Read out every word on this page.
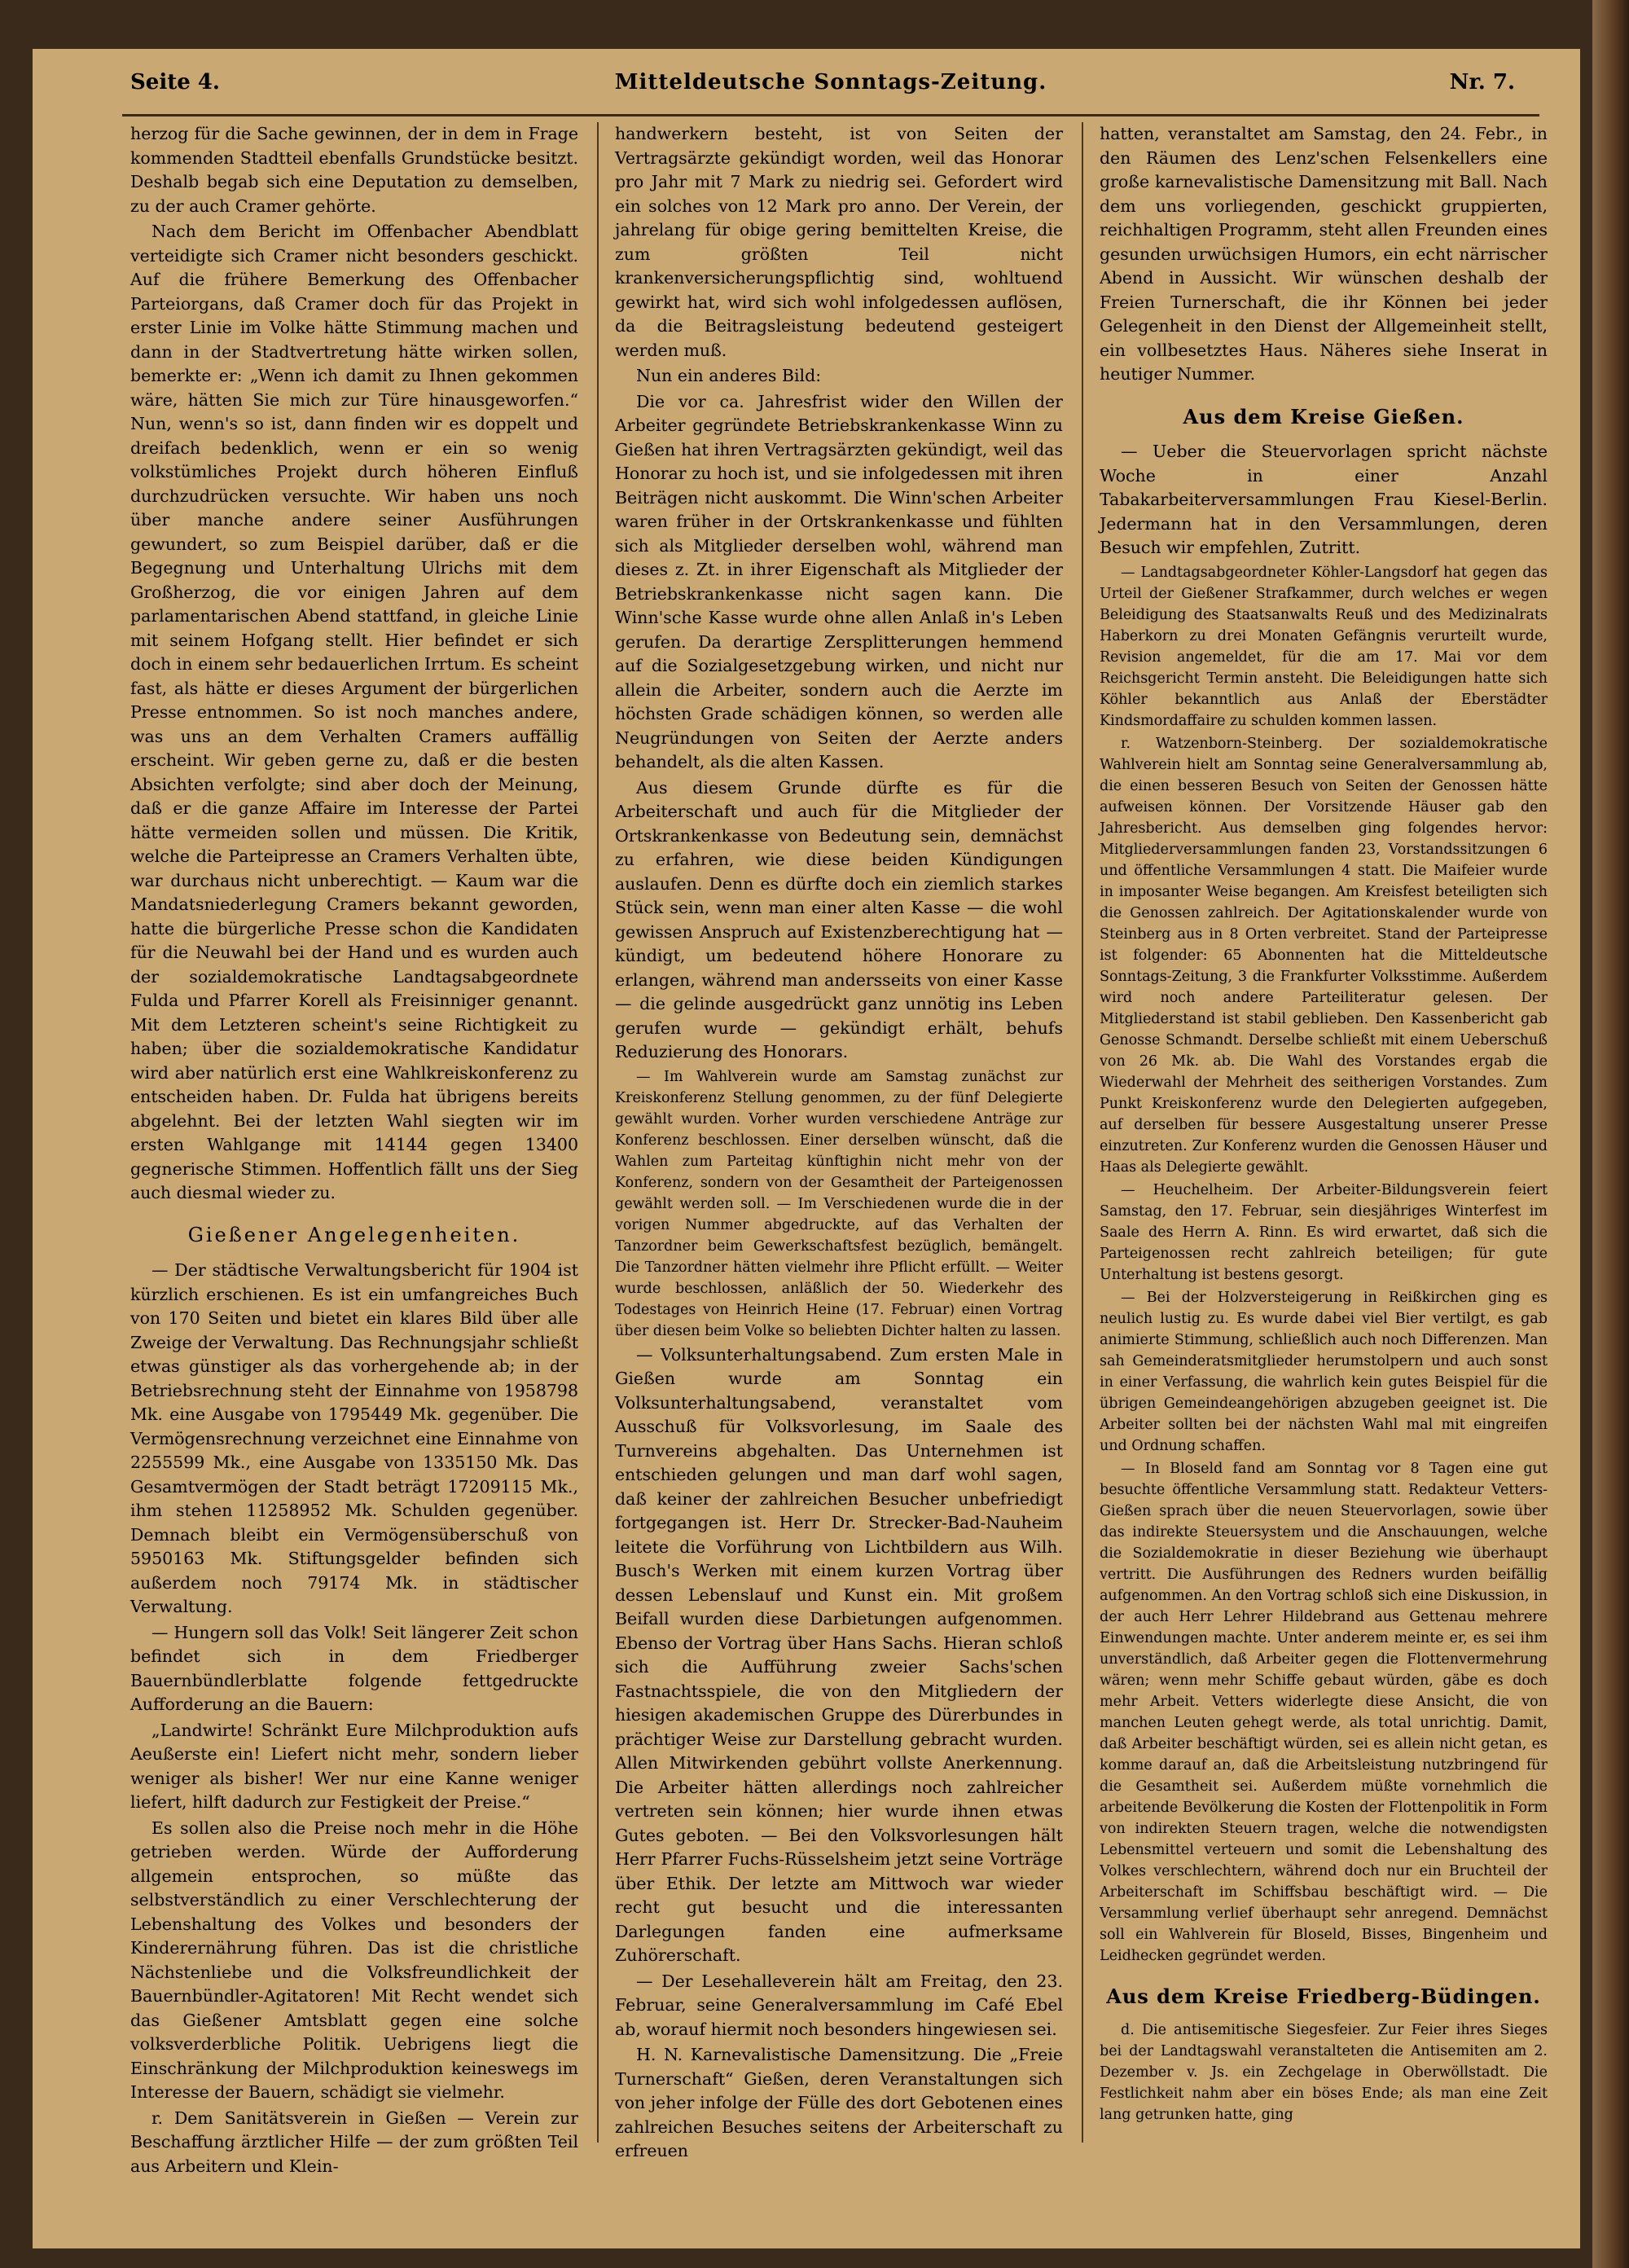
Seite 4.	Mitteldeutsche Sonntags-Zeitung.	Nr. 7.

herzog für die Sache gewinnen, der in dem in Frage kommenden Stadtteil ebenfalls Grundstücke besitzt. Deshalb begab sich eine Deputation zu demselben, zu der auch Cramer gehörte.

Nach dem Bericht im Offenbacher Abendblatt verteidigte sich Cramer nicht besonders geschickt. Auf die frühere Bemerkung des Offenbacher Parteiorgans, daß Cramer doch für das Projekt in erster Linie im Volke hätte Stimmung machen und dann in der Stadtvertretung hätte wirken sollen, bemerkte er: „Wenn ich damit zu Ihnen gekommen wäre, hätten Sie mich zur Türe hinausgeworfen.“ Nun, wenn's so ist, dann finden wir es doppelt und dreifach bedenklich, wenn er ein so wenig volkstümliches Projekt durch höheren Einfluß durchzudrücken versuchte. Wir haben uns noch über manche andere seiner Ausführungen gewundert, so zum Beispiel darüber, daß er die Begegnung und Unterhaltung Ulrichs mit dem Großherzog, die vor einigen Jahren auf dem parlamentarischen Abend stattfand, in gleiche Linie mit seinem Hofgang stellt. Hier befindet er sich doch in einem sehr bedauerlichen Irrtum. Es scheint fast, als hätte er dieses Argument der bürgerlichen Presse entnommen. So ist noch manches andere, was uns an dem Verhalten Cramers auffällig erscheint. Wir geben gerne zu, daß er die besten Absichten verfolgte; sind aber doch der Meinung, daß er die ganze Affaire im Interesse der Partei hätte vermeiden sollen und müssen. Die Kritik, welche die Parteipresse an Cramers Verhalten übte, war durchaus nicht unberechtigt. — Kaum war die Mandatsniederlegung Cramers bekannt geworden, hatte die bürgerliche Presse schon die Kandidaten für die Neuwahl bei der Hand und es wurden auch der sozialdemokratische Landtagsabgeordnete Fulda und Pfarrer Korell als Freisinniger genannt. Mit dem Letzteren scheint's seine Richtigkeit zu haben; über die sozialdemokratische Kandidatur wird aber natürlich erst eine Wahlkreiskonferenz zu entscheiden haben. Dr. Fulda hat übrigens bereits abgelehnt. Bei der letzten Wahl siegten wir im ersten Wahlgange mit 14144 gegen 13400 gegnerische Stimmen. Hoffentlich fällt uns der Sieg auch diesmal wieder zu.

Gießener Angelegenheiten.

— Der städtische Verwaltungsbericht für 1904 ist kürzlich erschienen. Es ist ein umfangreiches Buch von 170 Seiten und bietet ein klares Bild über alle Zweige der Verwaltung. Das Rechnungsjahr schließt etwas günstiger als das vorhergehende ab; in der Betriebsrechnung steht der Einnahme von 1958798 Mk. eine Ausgabe von 1795449 Mk. gegenüber. Die Vermögensrechnung verzeichnet eine Einnahme von 2255599 Mk., eine Ausgabe von 1335150 Mk. Das Gesamtvermögen der Stadt beträgt 17209115 Mk., ihm stehen 11258952 Mk. Schulden gegenüber. Demnach bleibt ein Vermögensüberschuß von 5950163 Mk. Stiftungsgelder befinden sich außerdem noch 79174 Mk. in städtischer Verwaltung.

— Hungern soll das Volk! Seit längerer Zeit schon befindet sich in dem Friedberger Bauernbündlerblatte folgende fettgedruckte Aufforderung an die Bauern:

„Landwirte! Schränkt Eure Milchproduktion aufs Aeußerste ein! Liefert nicht mehr, sondern lieber weniger als bisher! Wer nur eine Kanne weniger liefert, hilft dadurch zur Festigkeit der Preise.“

Es sollen also die Preise noch mehr in die Höhe getrieben werden. Würde der Aufforderung allgemein entsprochen, so müßte das selbstverständlich zu einer Verschlechterung der Lebenshaltung des Volkes und besonders der Kinderernährung führen. Das ist die christliche Nächstenliebe und die Volksfreundlichkeit der Bauernbündler-Agitatoren! Mit Recht wendet sich das Gießener Amtsblatt gegen eine solche volksverderbliche Politik. Uebrigens liegt die Einschränkung der Milchproduktion keineswegs im Interesse der Bauern, schädigt sie vielmehr.

r. Dem Sanitätsverein in Gießen — Verein zur Beschaffung ärztlicher Hilfe — der zum größten Teil aus Arbeitern und Klein-

handwerkern besteht, ist von Seiten der Vertragsärzte gekündigt worden, weil das Honorar pro Jahr mit 7 Mark zu niedrig sei. Gefordert wird ein solches von 12 Mark pro anno. Der Verein, der jahrelang für obige gering bemittelten Kreise, die zum größten Teil nicht krankenversicherungspflichtig sind, wohltuend gewirkt hat, wird sich wohl infolgedessen auflösen, da die Beitragsleistung bedeutend gesteigert werden muß.

Nun ein anderes Bild:

Die vor ca. Jahresfrist wider den Willen der Arbeiter gegründete Betriebskrankenkasse Winn zu Gießen hat ihren Vertragsärzten gekündigt, weil das Honorar zu hoch ist, und sie infolgedessen mit ihren Beiträgen nicht auskommt. Die Winn'schen Arbeiter waren früher in der Ortskrankenkasse und fühlten sich als Mitglieder derselben wohl, während man dieses z. Zt. in ihrer Eigenschaft als Mitglieder der Betriebskrankenkasse nicht sagen kann. Die Winn'sche Kasse wurde ohne allen Anlaß in's Leben gerufen. Da derartige Zersplitterungen hemmend auf die Sozialgesetzgebung wirken, und nicht nur allein die Arbeiter, sondern auch die Aerzte im höchsten Grade schädigen können, so werden alle Neugründungen von Seiten der Aerzte anders behandelt, als die alten Kassen.

Aus diesem Grunde dürfte es für die Arbeiterschaft und auch für die Mitglieder der Ortskrankenkasse von Bedeutung sein, demnächst zu erfahren, wie diese beiden Kündigungen auslaufen. Denn es dürfte doch ein ziemlich starkes Stück sein, wenn man einer alten Kasse — die wohl gewissen Anspruch auf Existenzberechtigung hat — kündigt, um bedeutend höhere Honorare zu erlangen, während man andersseits von einer Kasse — die gelinde ausgedrückt ganz unnötig ins Leben gerufen wurde — gekündigt erhält, behufs Reduzierung des Honorars.

— Im Wahlverein wurde am Samstag zunächst zur Kreiskonferenz Stellung genommen, zu der fünf Delegierte gewählt wurden. Vorher wurden verschiedene Anträge zur Konferenz beschlossen. Einer derselben wünscht, daß die Wahlen zum Parteitag künftighin nicht mehr von der Konferenz, sondern von der Gesamtheit der Parteigenossen gewählt werden soll. — Im Verschiedenen wurde die in der vorigen Nummer abgedruckte, auf das Verhalten der Tanzordner beim Gewerkschaftsfest bezüglich, bemängelt. Die Tanzordner hätten vielmehr ihre Pflicht erfüllt. — Weiter wurde beschlossen, anläßlich der 50. Wiederkehr des Todestages von Heinrich Heine (17. Februar) einen Vortrag über diesen beim Volke so beliebten Dichter halten zu lassen.

— Volksunterhaltungsabend. Zum ersten Male in Gießen wurde am Sonntag ein Volksunterhaltungsabend, veranstaltet vom Ausschuß für Volksvorlesung, im Saale des Turnvereins abgehalten. Das Unternehmen ist entschieden gelungen und man darf wohl sagen, daß keiner der zahlreichen Besucher unbefriedigt fortgegangen ist. Herr Dr. Strecker-Bad-Nauheim leitete die Vorführung von Lichtbildern aus Wilh. Busch's Werken mit einem kurzen Vortrag über dessen Lebenslauf und Kunst ein. Mit großem Beifall wurden diese Darbietungen aufgenommen. Ebenso der Vortrag über Hans Sachs. Hieran schloß sich die Aufführung zweier Sachs'schen Fastnachtsspiele, die von den Mitgliedern der hiesigen akademischen Gruppe des Dürerbundes in prächtiger Weise zur Darstellung gebracht wurden. Allen Mitwirkenden gebührt vollste Anerkennung. Die Arbeiter hätten allerdings noch zahlreicher vertreten sein können; hier wurde ihnen etwas Gutes geboten. — Bei den Volksvorlesungen hält Herr Pfarrer Fuchs-Rüsselsheim jetzt seine Vorträge über Ethik. Der letzte am Mittwoch war wieder recht gut besucht und die interessanten Darlegungen fanden eine aufmerksame Zuhörerschaft.

— Der Lesehalleverein hält am Freitag, den 23. Februar, seine Generalversammlung im Café Ebel ab, worauf hiermit noch besonders hingewiesen sei.

H. N. Karnevalistische Damensitzung. Die „Freie Turnerschaft“ Gießen, deren Veranstaltungen sich von jeher infolge der Fülle des dort Gebotenen eines zahlreichen Besuches seitens der Arbeiterschaft zu erfreuen

hatten, veranstaltet am Samstag, den 24. Febr., in den Räumen des Lenz'schen Felsenkellers eine große karnevalistische Damensitzung mit Ball. Nach dem uns vorliegenden, geschickt gruppierten, reichhaltigen Programm, steht allen Freunden eines gesunden urwüchsigen Humors, ein echt närrischer Abend in Aussicht. Wir wünschen deshalb der Freien Turnerschaft, die ihr Können bei jeder Gelegenheit in den Dienst der Allgemeinheit stellt, ein vollbesetztes Haus. Näheres siehe Inserat in heutiger Nummer.

Aus dem Kreise Gießen.

— Ueber die Steuervorlagen spricht nächste Woche in einer Anzahl Tabakarbeiterversammlungen Frau Kiesel-Berlin. Jedermann hat in den Versammlungen, deren Besuch wir empfehlen, Zutritt.

— Landtagsabgeordneter Köhler-Langsdorf hat gegen das Urteil der Gießener Strafkammer, durch welches er wegen Beleidigung des Staatsanwalts Reuß und des Medizinalrats Haberkorn zu drei Monaten Gefängnis verurteilt wurde, Revision angemeldet, für die am 17. Mai vor dem Reichsgericht Termin ansteht. Die Beleidigungen hatte sich Köhler bekanntlich aus Anlaß der Eberstädter Kindsmordaffaire zu schulden kommen lassen.

r. Watzenborn-Steinberg. Der sozialdemokratische Wahlverein hielt am Sonntag seine Generalversammlung ab, die einen besseren Besuch von Seiten der Genossen hätte aufweisen können. Der Vorsitzende Häuser gab den Jahresbericht. Aus demselben ging folgendes hervor: Mitgliederversammlungen fanden 23, Vorstandssitzungen 6 und öffentliche Versammlungen 4 statt. Die Maifeier wurde in imposanter Weise begangen. Am Kreisfest beteiligten sich die Genossen zahlreich. Der Agitationskalender wurde von Steinberg aus in 8 Orten verbreitet. Stand der Parteipresse ist folgender: 65 Abonnenten hat die Mitteldeutsche Sonntags-Zeitung, 3 die Frankfurter Volksstimme. Außerdem wird noch andere Parteiliteratur gelesen. Der Mitgliederstand ist stabil geblieben. Den Kassenbericht gab Genosse Schmandt. Derselbe schließt mit einem Ueberschuß von 26 Mk. ab. Die Wahl des Vorstandes ergab die Wiederwahl der Mehrheit des seitherigen Vorstandes. Zum Punkt Kreiskonferenz wurde den Delegierten aufgegeben, auf derselben für bessere Ausgestaltung unserer Presse einzutreten. Zur Konferenz wurden die Genossen Häuser und Haas als Delegierte gewählt.

— Heuchelheim. Der Arbeiter-Bildungsverein feiert Samstag, den 17. Februar, sein diesjähriges Winterfest im Saale des Herrn A. Rinn. Es wird erwartet, daß sich die Parteigenossen recht zahlreich beteiligen; für gute Unterhaltung ist bestens gesorgt.

— Bei der Holzversteigerung in Reißkirchen ging es neulich lustig zu. Es wurde dabei viel Bier vertilgt, es gab animierte Stimmung, schließlich auch noch Differenzen. Man sah Gemeinderatsmitglieder herumstolpern und auch sonst in einer Verfassung, die wahrlich kein gutes Beispiel für die übrigen Gemeindeangehörigen abzugeben geeignet ist. Die Arbeiter sollten bei der nächsten Wahl mal mit eingreifen und Ordnung schaffen.

— In Bloseld fand am Sonntag vor 8 Tagen eine gut besuchte öffentliche Versammlung statt. Redakteur Vetters-Gießen sprach über die neuen Steuervorlagen, sowie über das indirekte Steuersystem und die Anschauungen, welche die Sozialdemokratie in dieser Beziehung wie überhaupt vertritt. Die Ausführungen des Redners wurden beifällig aufgenommen. An den Vortrag schloß sich eine Diskussion, in der auch Herr Lehrer Hildebrand aus Gettenau mehrere Einwendungen machte. Unter anderem meinte er, es sei ihm unverständlich, daß Arbeiter gegen die Flottenvermehrung wären; wenn mehr Schiffe gebaut würden, gäbe es doch mehr Arbeit. Vetters widerlegte diese Ansicht, die von manchen Leuten gehegt werde, als total unrichtig. Damit, daß Arbeiter beschäftigt würden, sei es allein nicht getan, es komme darauf an, daß die Arbeitsleistung nutzbringend für die Gesamtheit sei. Außerdem müßte vornehmlich die arbeitende Bevölkerung die Kosten der Flottenpolitik in Form von indirekten Steuern tragen, welche die notwendigsten Lebensmittel verteuern und somit die Lebenshaltung des Volkes verschlechtern, während doch nur ein Bruchteil der Arbeiterschaft im Schiffsbau beschäftigt wird. — Die Versammlung verlief überhaupt sehr anregend. Demnächst soll ein Wahlverein für Bloseld, Bisses, Bingenheim und Leidhecken gegründet werden.

Aus dem Kreise Friedberg-Büdingen.

d. Die antisemitische Siegesfeier. Zur Feier ihres Sieges bei der Landtagswahl veranstalteten die Antisemiten am 2. Dezember v. Js. ein Zechgelage in Oberwöllstadt. Die Festlichkeit nahm aber ein böses Ende; als man eine Zeit lang getrunken hatte, ging
